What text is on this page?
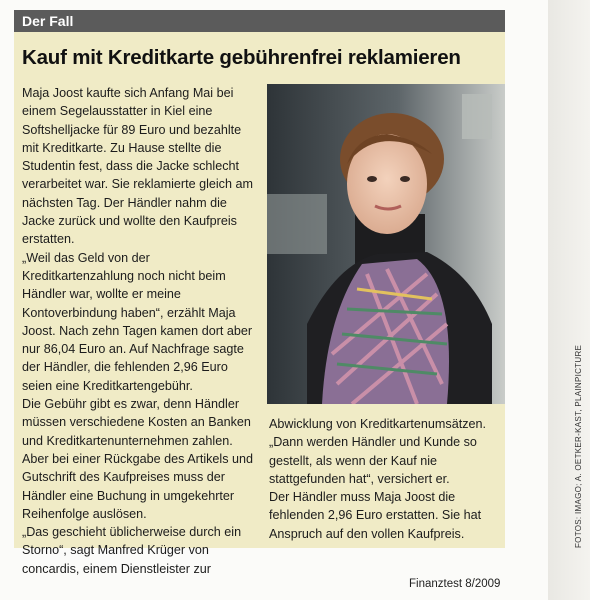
Der Fall
Kauf mit Kreditkarte gebührenfrei reklamieren

Maja Joost kaufte sich Anfang Mai bei einem Segelausstatter in Kiel eine Softshelljacke für 89 Euro und bezahlte mit Kreditkarte. Zu Hause stellte die Studentin fest, dass die Jacke schlecht verarbeitet war. Sie reklamierte gleich am nächsten Tag. Der Händler nahm die Jacke zurück und wollte den Kaufpreis erstatten.

„Weil das Geld von der Kreditkartenzahlung noch nicht beim Händler war, wollte er meine Kontoverbindung haben“, erzählt Maja Joost. Nach zehn Tagen kamen dort aber nur 86,04 Euro an. Auf Nachfrage sagte der Händler, die fehlenden 2,96 Euro seien eine Kreditkartengebühr.

Die Gebühr gibt es zwar, denn Händler müssen verschiedene Kosten an Banken und Kreditkartenunternehmen zahlen. Aber bei einer Rückgabe des Artikels und Gutschrift des Kaufpreises muss der Händler eine Buchung in umgekehrter Reihenfolge auslösen.

„Das geschieht üblicherweise durch ein Storno“, sagt Manfred Krüger von concardis, einem Dienstleister zur

Abwicklung von Kreditkartenumsätzen. „Dann werden Händler und Kunde so gestellt, als wenn der Kauf nie stattgefunden hat“, versichert er.

Der Händler muss Maja Joost die fehlenden 2,96 Euro erstatten. Sie hat Anspruch auf den vollen Kaufpreis.	FOTOS: IMAGO; A. OETKER-KAST, PLAINPICTURE
Finanztest 8/2009
